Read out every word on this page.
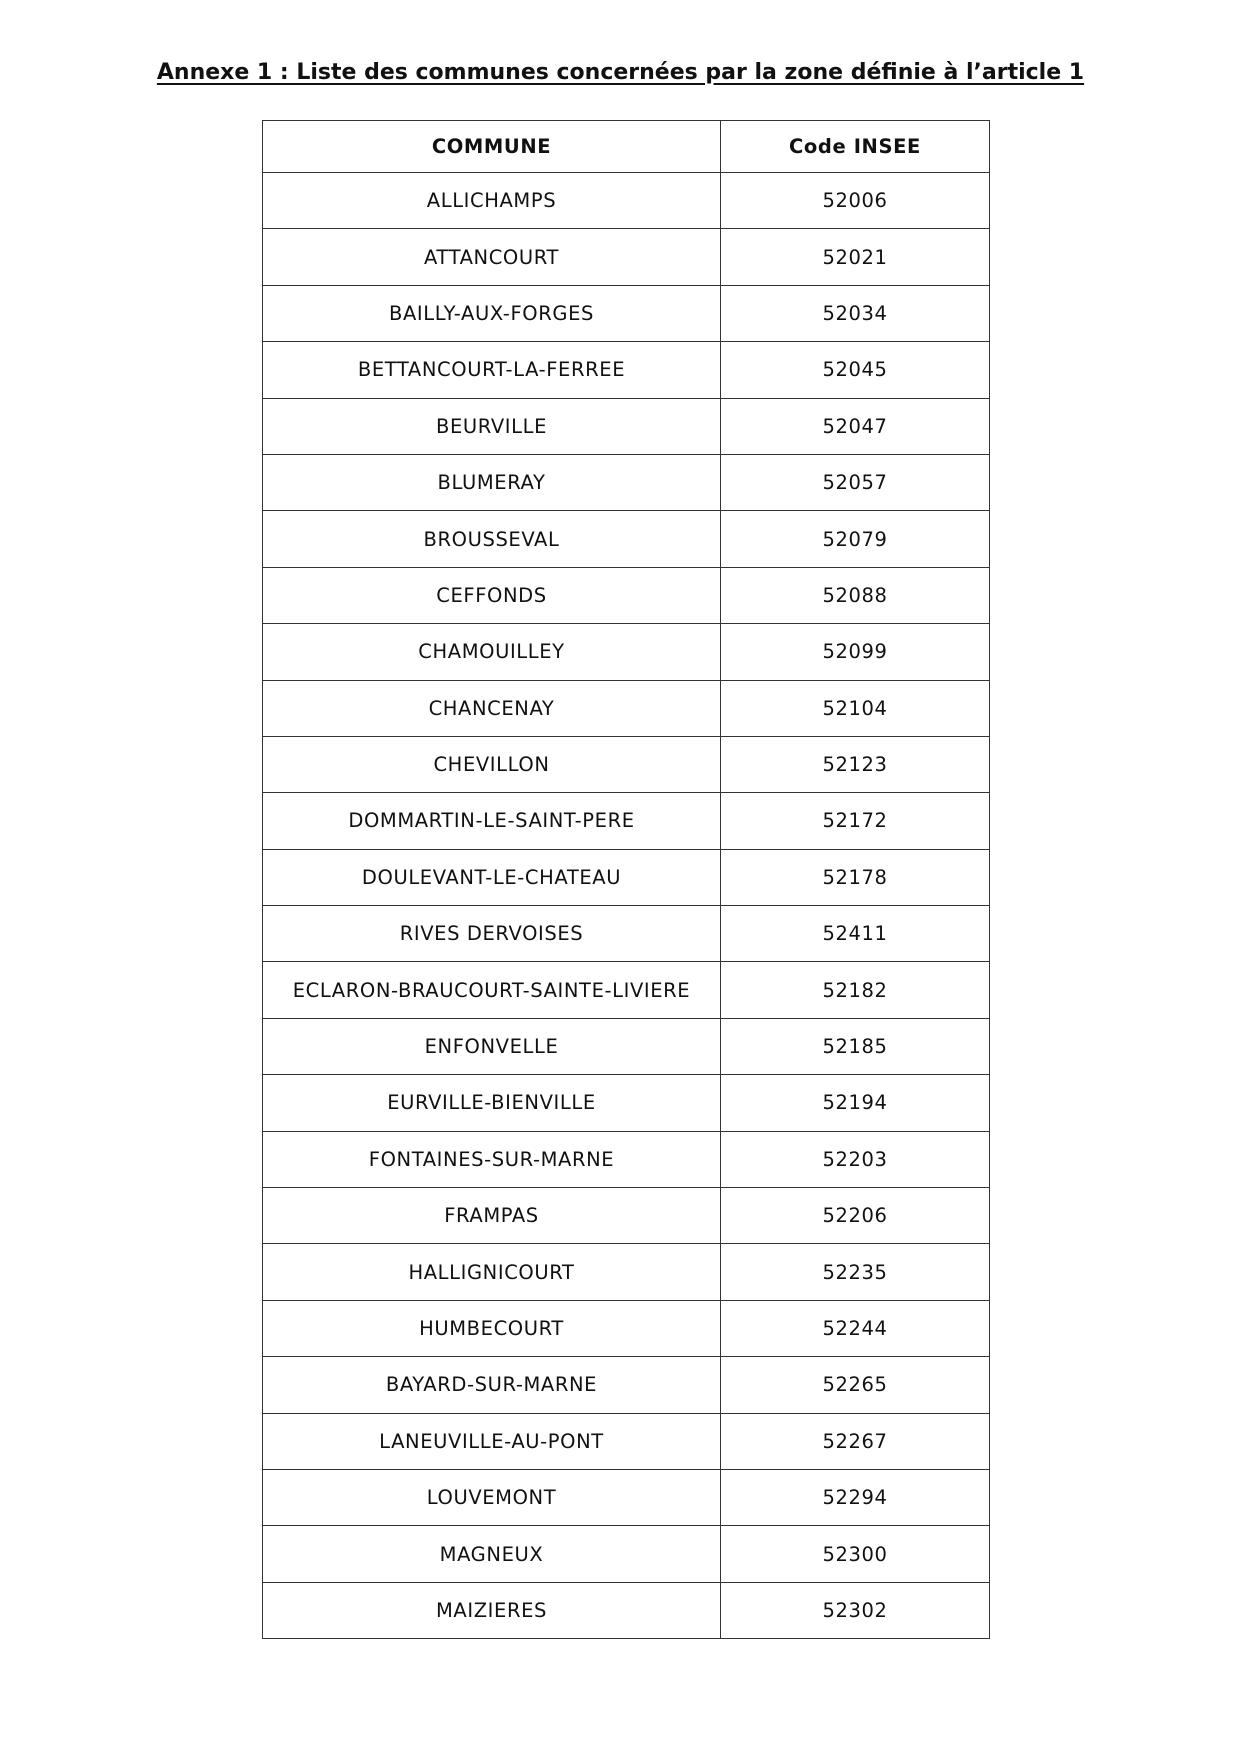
Annexe 1 : Liste des communes concernées par la zone définie à l’article 1
COMMUNE	Code INSEE
ALLICHAMPS	52006
ATTANCOURT	52021
BAILLY-AUX-FORGES	52034
BETTANCOURT-LA-FERREE	52045
BEURVILLE	52047
BLUMERAY	52057
BROUSSEVAL	52079
CEFFONDS	52088
CHAMOUILLEY	52099
CHANCENAY	52104
CHEVILLON	52123
DOMMARTIN-LE-SAINT-PERE	52172
DOULEVANT-LE-CHATEAU	52178
RIVES DERVOISES	52411
ECLARON-BRAUCOURT-SAINTE-LIVIERE	52182
ENFONVELLE	52185
EURVILLE-BIENVILLE	52194
FONTAINES-SUR-MARNE	52203
FRAMPAS	52206
HALLIGNICOURT	52235
HUMBECOURT	52244
BAYARD-SUR-MARNE	52265
LANEUVILLE-AU-PONT	52267
LOUVEMONT	52294
MAGNEUX	52300
MAIZIERES	52302
